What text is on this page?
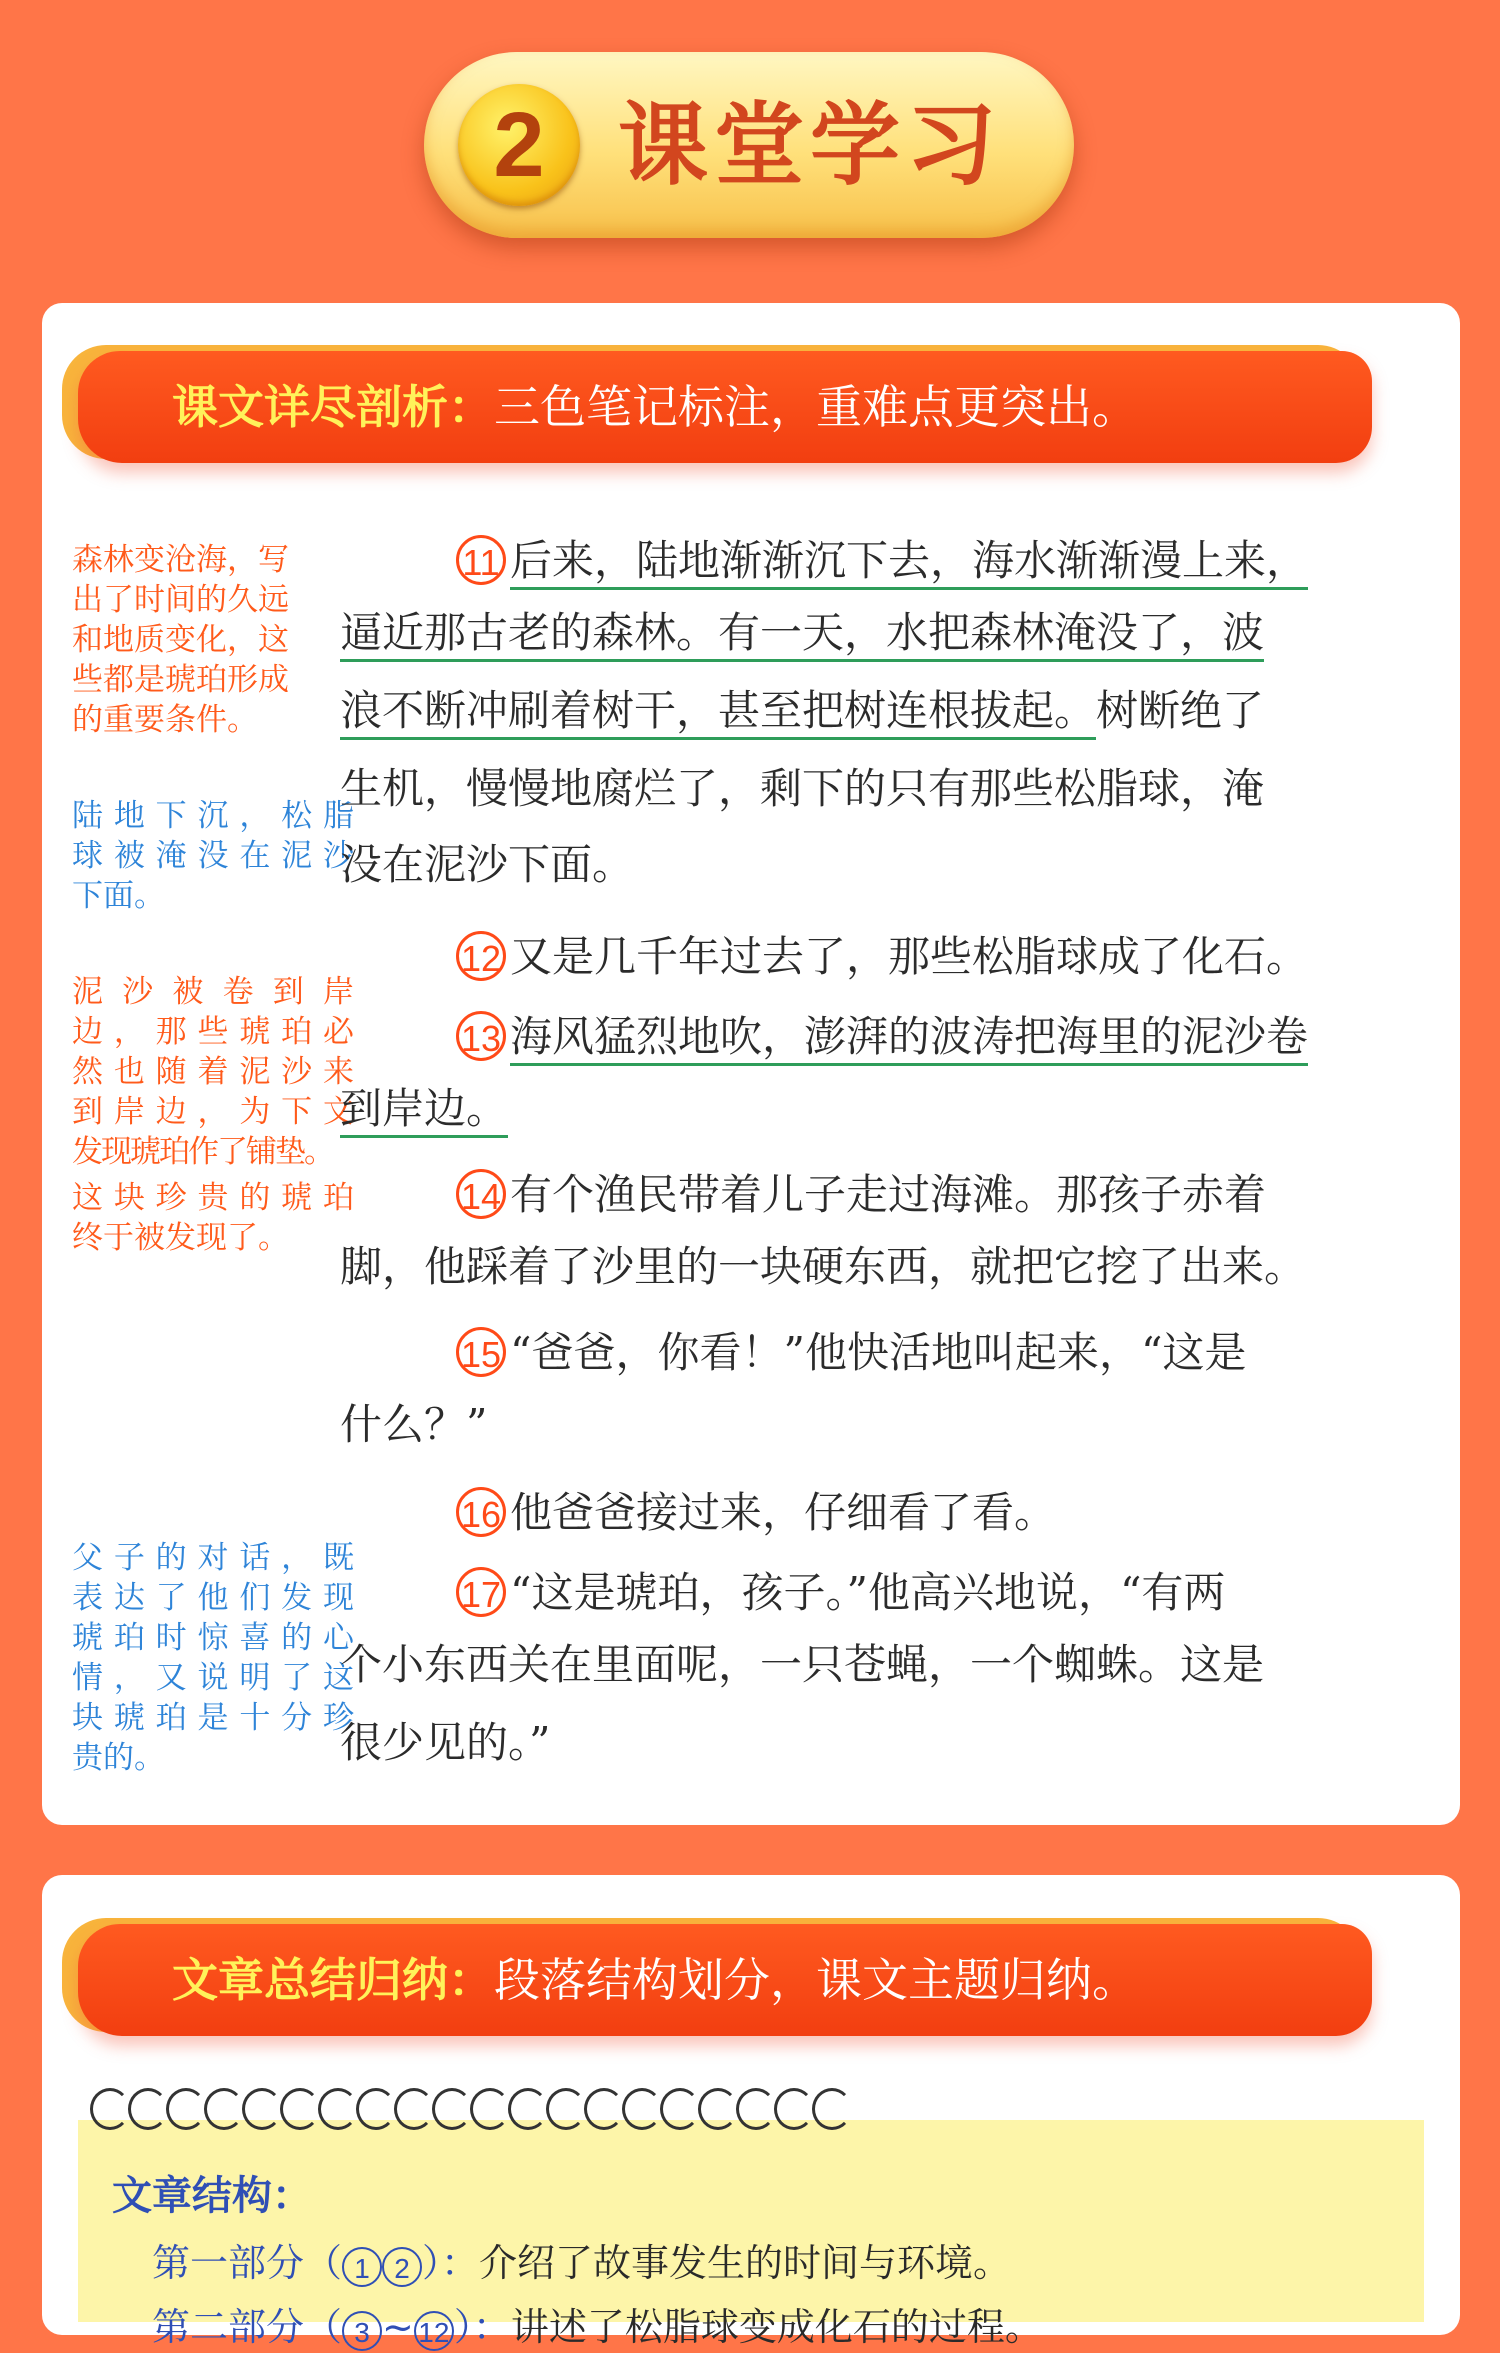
2 课堂学习
课文详尽剖析：三色笔记标注，重难点更突出。
森林变沧海，写
出了时间的久远
和地质变化，这
些都是琥珀形成
的重要条件。
陆地下沉，松脂
球被淹没在泥沙
下面。
泥沙被卷到岸
边，那些琥珀必
然也随着泥沙来
到岸边，为下文
发现琥珀作了铺垫。
这块珍贵的琥珀
终于被发现了。
父子的对话，既
表达了他们发现
琥珀时惊喜的心
情，又说明了这
块琥珀是十分珍
贵的。
11 后来，陆地渐渐沉下去，海水渐渐漫上来，
逼近那古老的森林。有一天，水把森林淹没了，波
浪不断冲刷着树干，甚至把树连根拔起。树断绝了
生机，慢慢地腐烂了，剩下的只有那些松脂球，淹
没在泥沙下面。
12 又是几千年过去了，那些松脂球成了化石。
13 海风猛烈地吹，澎湃的波涛把海里的泥沙卷
到岸边。
14 有个渔民带着儿子走过海滩。那孩子赤着
脚，他踩着了沙里的一块硬东西，就把它挖了出来。
15 “爸爸，你看！”他快活地叫起来，“这是
什么？”
16 他爸爸接过来，仔细看了看。
17 “这是琥珀，孩子。”他高兴地说，“有两
个小东西关在里面呢，一只苍蝇，一个蜘蛛。这是
很少见的。”
文章总结归纳：段落结构划分，课文主题归纳。
文章结构：
第一部分（ 1 2 ）：介绍了故事发生的时间与环境。
第二部分（ 3 ~ 12 ）：讲述了松脂球变成化石的过程。
